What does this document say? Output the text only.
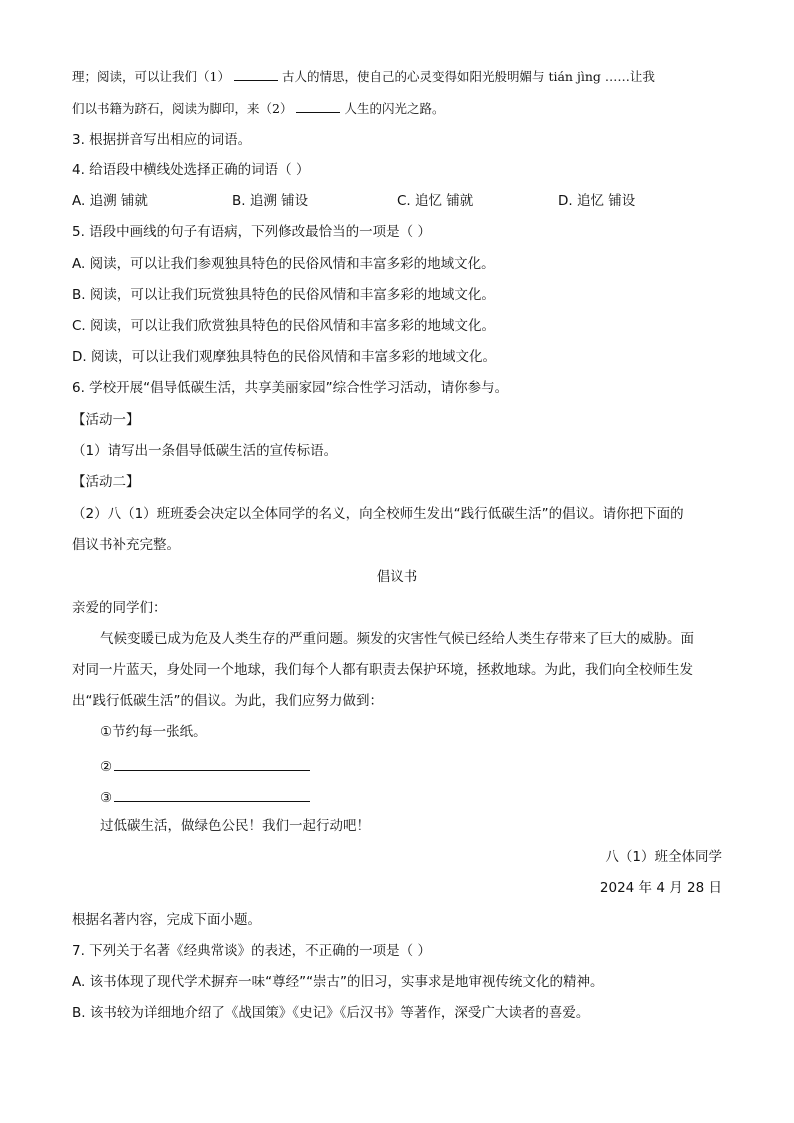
理；阅读，可以让我们（1）	古人的情思，使自己的心灵变得如阳光般明媚与 tián jìng ……让我
们以书籍为跻石，阅读为脚印，来（2）	人生的闪光之路。
3. 根据拼音写出相应的词语。
4. 给语段中横线处选择正确的词语（ ）
A. 追溯 铺就	B. 追溯 铺设	C. 追忆 铺就	D. 追忆 铺设
5. 语段中画线的句子有语病，下列修改最恰当的一项是（ ）
A. 阅读，可以让我们参观独具特色的民俗风情和丰富多彩的地域文化。
B. 阅读，可以让我们玩赏独具特色的民俗风情和丰富多彩的地域文化。
C. 阅读，可以让我们欣赏独具特色的民俗风情和丰富多彩的地域文化。
D. 阅读，可以让我们观摩独具特色的民俗风情和丰富多彩的地域文化。
6. 学校开展“倡导低碳生活，共享美丽家园”综合性学习活动，请你参与。
【活动一】
（1）请写出一条倡导低碳生活的宣传标语。
【活动二】
（2）八（1）班班委会决定以全体同学的名义，向全校师生发出“践行低碳生活”的倡议。请你把下面的
倡议书补充完整。
倡议书
亲爱的同学们：
气候变暖已成为危及人类生存的严重问题。频发的灾害性气候已经给人类生存带来了巨大的威胁。面
对同一片蓝天，身处同一个地球，我们每个人都有职责去保护环境，拯救地球。为此，我们向全校师生发
出“践行低碳生活”的倡议。为此，我们应努力做到：
①节约每一张纸。
②
③
过低碳生活，做绿色公民！我们一起行动吧！
八（1）班全体同学
2024 年 4 月 28 日
根据名著内容，完成下面小题。
7. 下列关于名著《经典常谈》的表述，不正确的一项是（ ）
A. 该书体现了现代学术摒弃一味“尊经”“崇古”的旧习，实事求是地审视传统文化的精神。
B. 该书较为详细地介绍了《战国策》《史记》《后汉书》等著作，深受广大读者的喜爱。
